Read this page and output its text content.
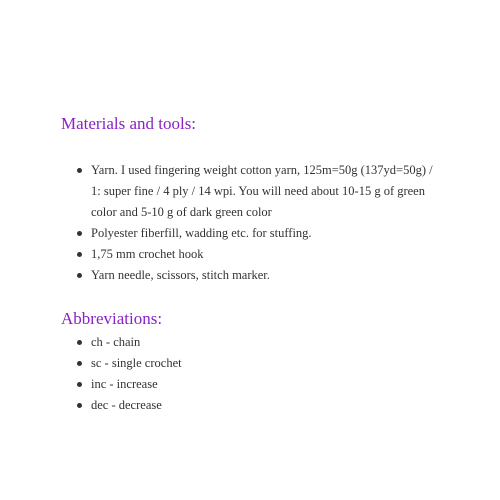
Materials and tools:
Yarn. I used fingering weight cotton yarn, 125m=50g (137yd=50g) / 1: super fine / 4 ply / 14 wpi. You will need about 10-15 g of green color and 5-10 g of dark green color
Polyester fiberfill, wadding etc. for stuffing.
1,75 mm crochet hook
Yarn needle, scissors, stitch marker.
Abbreviations:
ch - chain
sc - single crochet
inc - increase
dec - decrease
